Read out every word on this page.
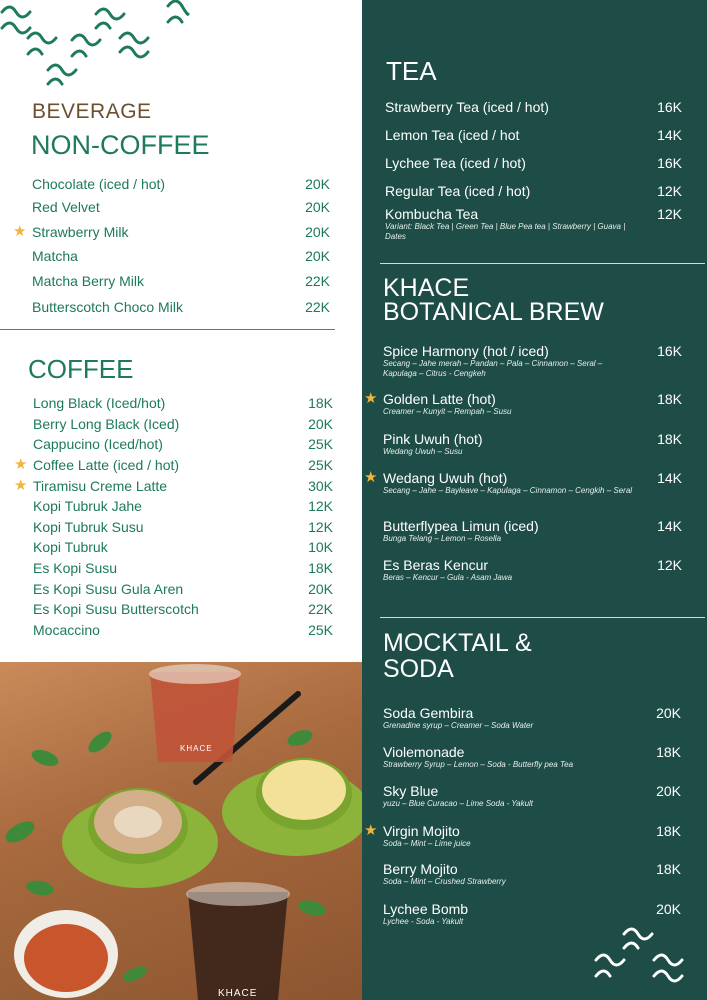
BEVERAGE
NON-COFFEE
Chocolate (iced / hot)	20K
Red Velvet	20K
Strawberry Milk	20K
★
Matcha	20K
Matcha Berry Milk	22K
Butterscotch Choco Milk	22K
COFFEE
Long Black (Iced/hot)	18K
Berry Long Black (Iced)	20K
Cappucino (Iced/hot)	25K
Coffee Latte (iced / hot)	25K
★
Tiramisu Creme Latte	30K
★
Kopi Tubruk Jahe	12K
Kopi Tubruk Susu	12K
Kopi Tubruk	10K
Es Kopi Susu	18K
Es Kopi Susu Gula Aren	20K
Es Kopi Susu Butterscotch	22K
Mocaccino	25K
KHACE
KHACE
TEA
Strawberry Tea (iced / hot)	16K
Lemon Tea (iced / hot	14K
Lychee Tea (iced / hot)	16K
Regular Tea (iced / hot)	12K
Kombucha Tea	12K
Variant: Black Tea | Green Tea | Blue Pea tea | Strawberry | Guava | Dates
KHACE
BOTANICAL BREW
Spice Harmony (hot / iced)	16K
Secang – Jahe merah – Pandan – Pala – Cinnamon – Seral – Kapulaga – Citrus - Cengkeh
Golden Latte (hot)	18K
Creamer – Kunyit – Rempah – Susu
★
Pink Uwuh (hot)	18K
Wedang Uwuh – Susu
Wedang Uwuh (hot)	14K
Secang – Jahe – Bayleave – Kapulaga – Cinnamon – Cengkih – Seral
★
Butterflypea Limun (iced)	14K
Bunga Telang – Lemon – Rosella
Es Beras Kencur	12K
Beras – Kencur – Gula - Asam Jawa
MOCKTAIL &
SODA
Soda Gembira	20K
Grenadine syrup – Creamer – Soda Water
Violemonade	18K
Strawberry Syrup – Lemon – Soda - Butterfly pea Tea
Sky Blue	20K
yuzu – Blue Curacao – Lime Soda - Yakult
Virgin Mojito	18K
Soda – Mint – Lime juice
★
Berry Mojito	18K
Soda – Mint – Crushed Strawberry
Lychee Bomb	20K
Lychee - Soda - Yakult
